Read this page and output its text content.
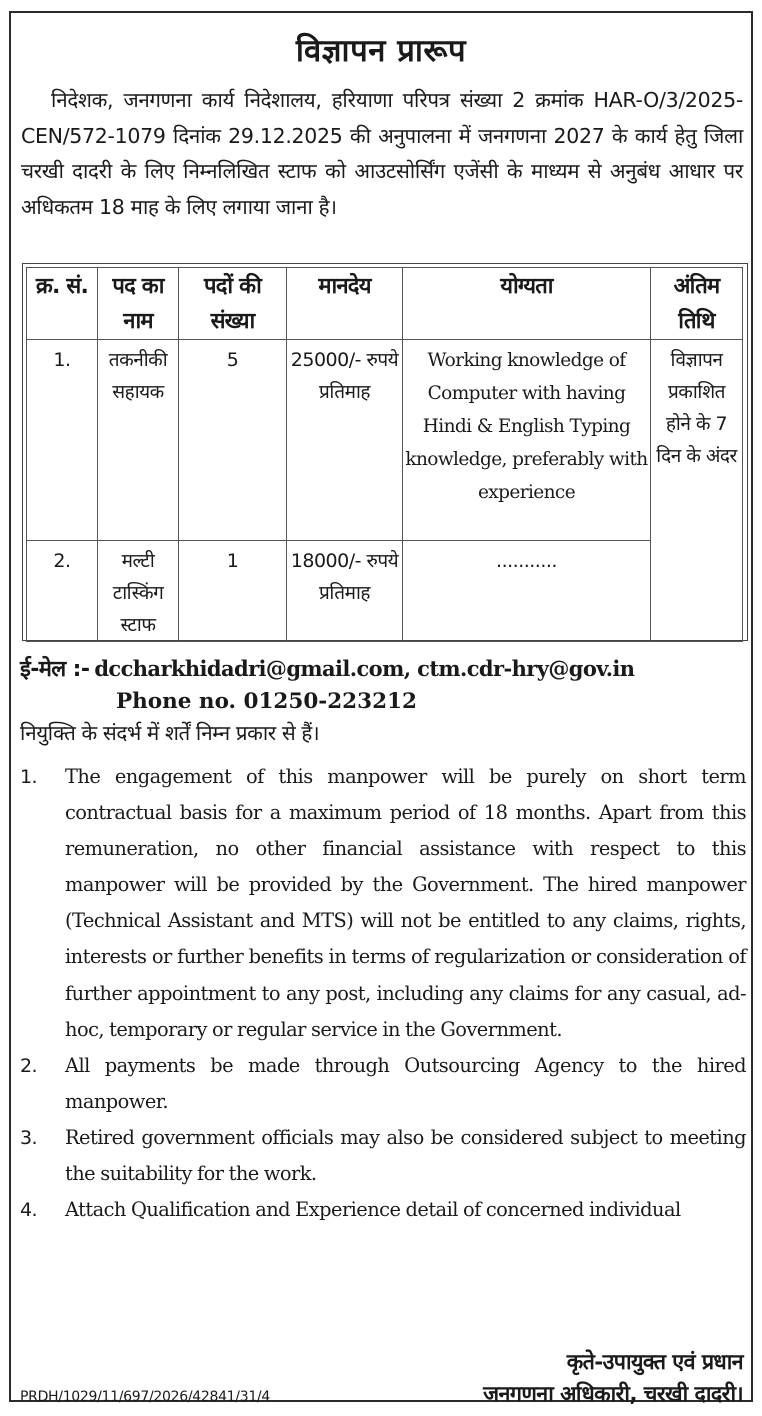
विज्ञापन प्रारूप
निदेशक, जनगणना कार्य निदेशालय, हरियाणा परिपत्र संख्या 2 क्रमांक HAR-O/3/2025-CEN/572-1079 दिनांक 29.12.2025 की अनुपालना में जनगणना 2027 के कार्य हेतु जिला चरखी दादरी के लिए निम्नलिखित स्टाफ को आउटसोर्सिंग एजेंसी के माध्यम से अनुबंध आधार पर अधिकतम 18 माह के लिए लगाया जाना है।
क्र. सं.	पद का नाम	पदों की संख्या	मानदेय	योग्यता	अंतिम तिथि
1.	तकनीकी सहायक	5	25000/- रुपये प्रतिमाह	Working knowledge of Computer with having Hindi & English Typing knowledge, preferably with experience	विज्ञापन प्रकाशित होने के 7 दिन के अंदर
2.	मल्टी टास्किंग स्टाफ	1	18000/- रुपये प्रतिमाह	...........	
ई-मेल :- dccharkhidadri@gmail.com, ctm.cdr-hry@gov.in
Phone no. 01250-223212
नियुक्ति के संदर्भ में शर्तें निम्न प्रकार से हैं।
1. The engagement of this manpower will be purely on short term contractual basis for a maximum period of 18 months. Apart from this remuneration, no other financial assistance with respect to this manpower will be provided by the Government. The hired manpower (Technical Assistant and MTS) will not be entitled to any claims, rights, interests or further benefits in terms of regularization or consideration of further appointment to any post, including any claims for any casual, ad-hoc, temporary or regular service in the Government.
2. All payments be made through Outsourcing Agency to the hired manpower.
3. Retired government officials may also be considered subject to meeting the suitability for the work.
4. Attach Qualification and Experience detail of concerned individual
कृते-उपायुक्त एवं प्रधान
PRDH/1029/11/697/2026/42841/31/4	जनगणना अधिकारी, चरखी दादरी।
